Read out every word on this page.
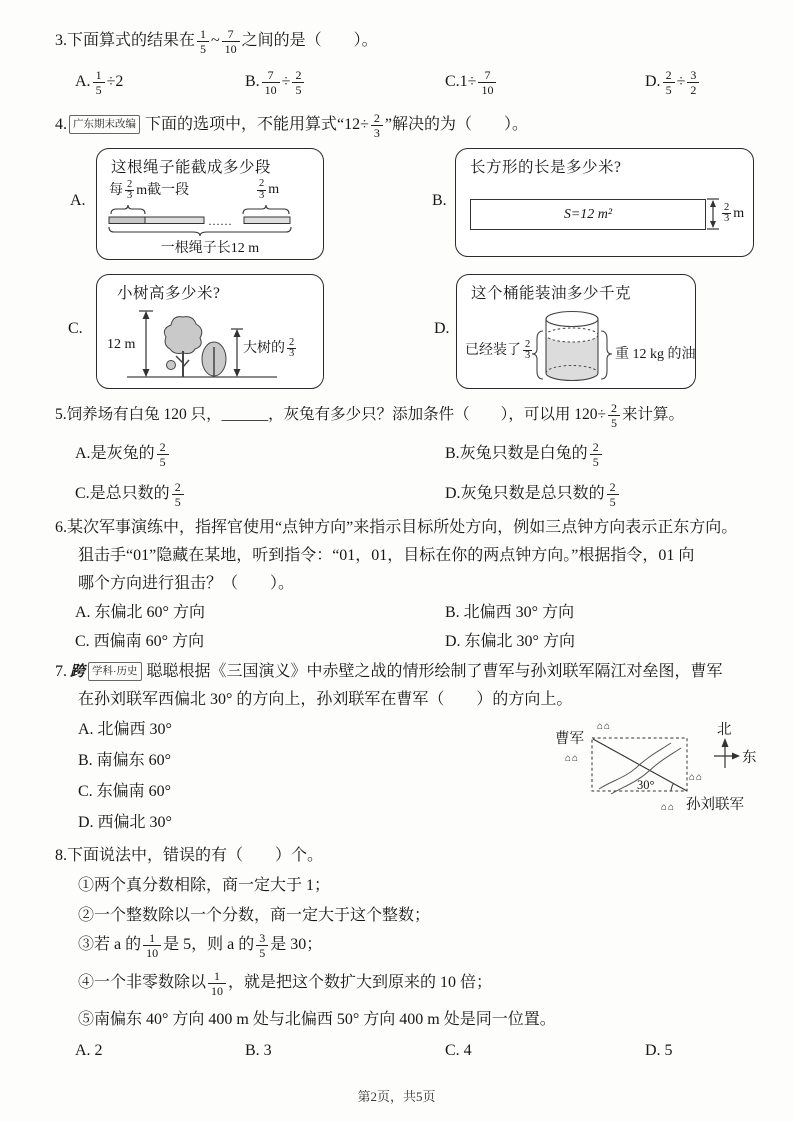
3.下面算式的结果在 $\frac{1}{5}$ ~ $\frac{7}{10}$ 之间的是（　　）。
A. $\frac{1}{5} \div 2$	B. $\frac{7}{10} \div \frac{2}{5}$	$C.1\div \frac{7}{10}$	D. $\frac{2}{5} \div \frac{3}{2}$
4. 广东期末改编 下面的选项中，不能用算式“$12\div \frac{2}{3}$ ”解决的为（　　）。
A.
这根绳子能截成多少段
每 $\frac{2}{3}$ m截一段	$\frac{2}{3}$ m
……
一根绳子长12 m
B.
长方形的长是多少米?
S=12 m²	$\frac{2}{3}$ m
C.
小树高多少米?
12 m	大树的 $\frac{2}{3}$
D.
这个桶能装油多少千克
已经装了 $\frac{2}{3}$	重 12 kg 的油
5.饲养场有白兔 120 只，______，灰兔有多少只？添加条件（　　），可以用 $120\div \frac{2}{5}$ 来计算。
A.是灰兔的 $\frac{2}{5}$	B.灰兔只数是白兔的 $\frac{2}{5}$
C.是总只数的 $\frac{2}{5}$	D.灰兔只数是总只数的 $\frac{2}{5}$
6.某次军事演练中，指挥官使用“点钟方向”来指示目标所处方向，例如三点钟方向表示正东方向。
狙击手“01”隐藏在某地，听到指令：“01，01，目标在你的两点钟方向。”根据指令，01 向
哪个方向进行狙击？（　　）。
A. 东偏北 60° 方向	B. 北偏西 30° 方向
C. 西偏南 60° 方向	D. 东偏北 30° 方向
7. 跨 学科·历史 聪聪根据《三国演义》中赤壁之战的情形绘制了曹军与孙刘联军隔江对垒图，曹军
在孙刘联军西偏北 30° 的方向上，孙刘联军在曹军（　　）的方向上。
A. 北偏西 30°
B. 南偏东 60°
C. 东偏南 60°
D. 西偏北 30°
30°
曹军
⌂⌂
⌂⌂
⌂⌂
⌂⌂ 孙刘联军
北
东
8.下面说法中，错误的有（　　）个。
①两个真分数相除，商一定大于 1；
②一个整数除以一个分数，商一定大于这个整数；
③若 a 的 $\frac{1}{10}$ 是 5，则 a 的 $\frac{3}{5}$ 是 30；
④一个非零数除以 $\frac{1}{10}$ ，就是把这个数扩大到原来的 10 倍；
⑤南偏东 40° 方向 400 m 处与北偏西 50° 方向 400 m 处是同一位置。
A. 2	B. 3	C. 4	D. 5
第2页，共5页
